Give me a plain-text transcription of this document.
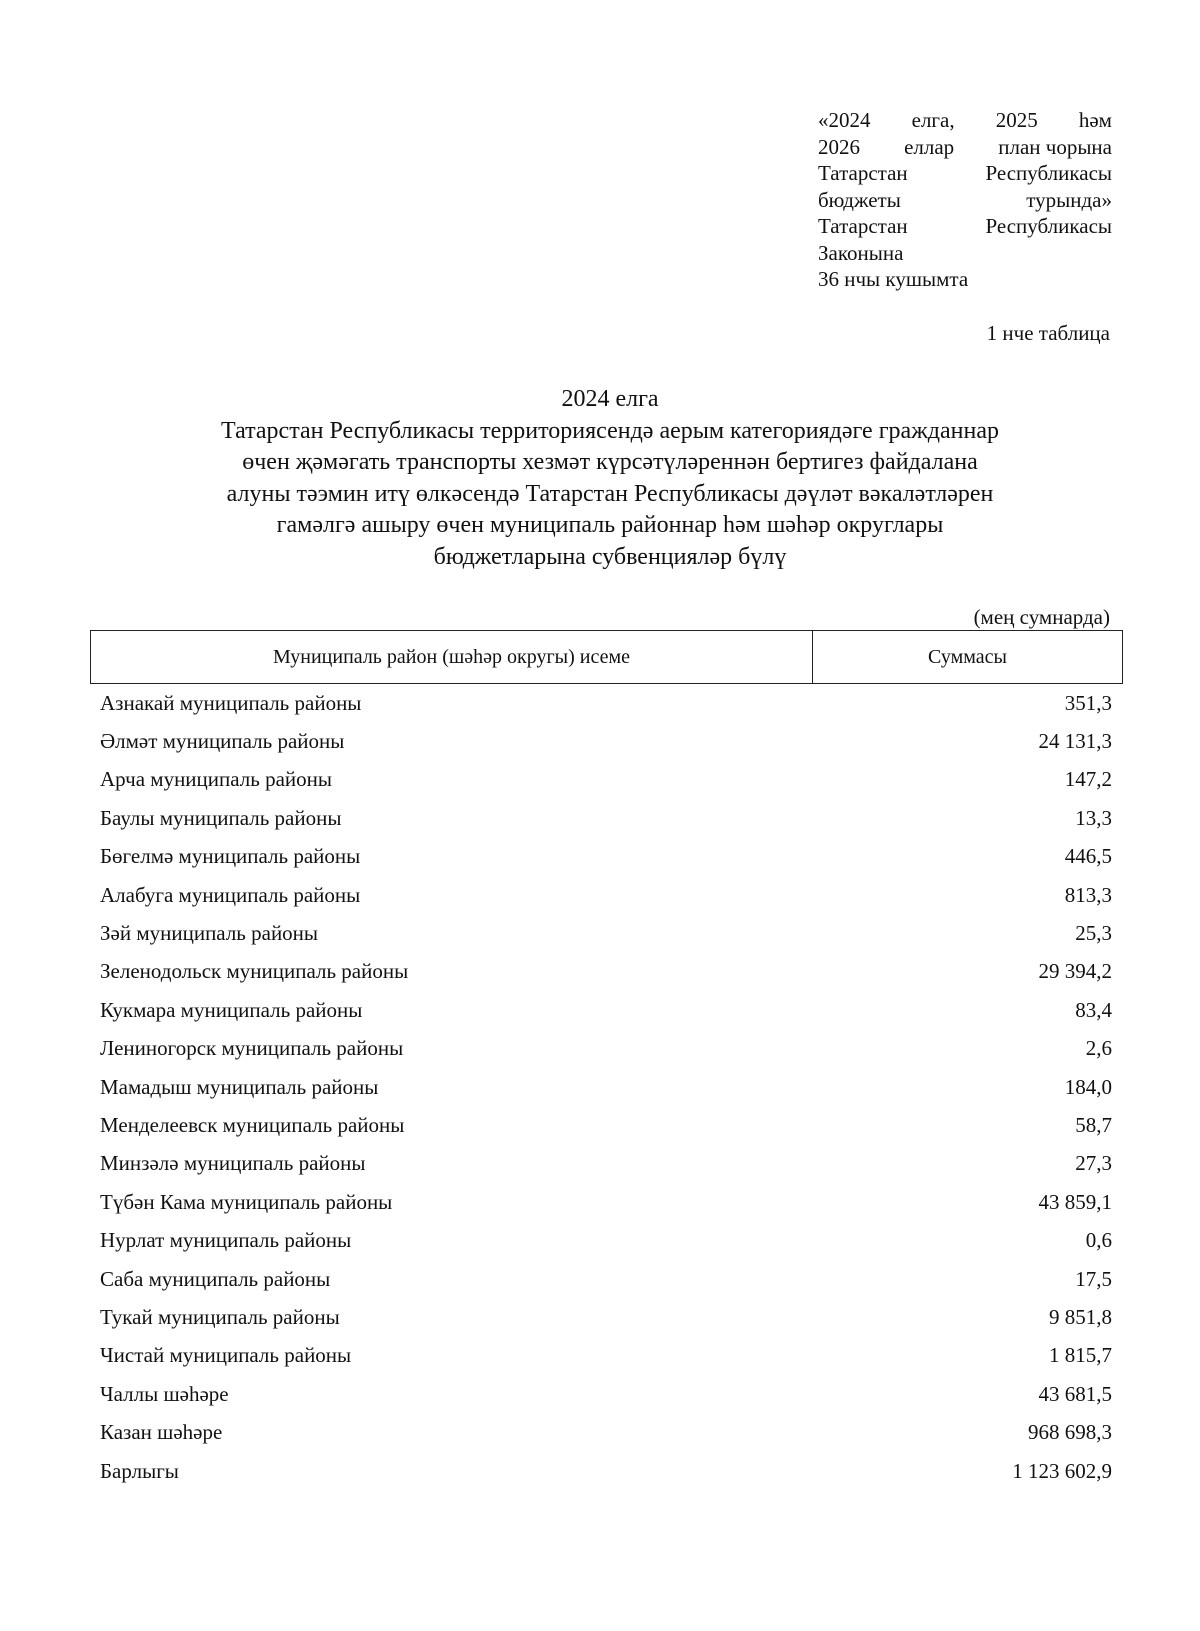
«2024 елга, 2025 һәм
2026 еллар план чорына
Татарстан	Республикасы
бюджеты	турында»
Татарстан	Республикасы
Законына
36 нчы кушымта
1 нче таблица
2024 елга
Татарстан Республикасы территориясендә аерым категориядәге гражданнар
өчен җәмәгать транспорты хезмәт күрсәтүләреннән бертигез файдалана
алуны тәэмин итү өлкәсендә Татарстан Республикасы дәүләт вәкаләтләрен
гамәлгә ашыру өчен муниципаль районнар һәм шәһәр округлары
бюджетларына субвенцияләр бүлү
(мең сумнарда)
Муниципаль район (шәһәр округы) исеме	Суммасы
Азнакай муниципаль районы	351,3
Әлмәт муниципаль районы	24 131,3
Арча муниципаль районы	147,2
Баулы муниципаль районы	13,3
Бөгелмә муниципаль районы	446,5
Алабуга муниципаль районы	813,3
Зәй муниципаль районы	25,3
Зеленодольск муниципаль районы	29 394,2
Кукмара муниципаль районы	83,4
Лениногорск муниципаль районы	2,6
Мамадыш муниципаль районы	184,0
Менделеевск муниципаль районы	58,7
Минзәлә муниципаль районы	27,3
Түбән Кама муниципаль районы	43 859,1
Нурлат муниципаль районы	0,6
Саба муниципаль районы	17,5
Тукай муниципаль районы	9 851,8
Чистай муниципаль районы	1 815,7
Чаллы шәһәре	43 681,5
Казан шәһәре	968 698,3
Барлыгы	1 123 602,9
